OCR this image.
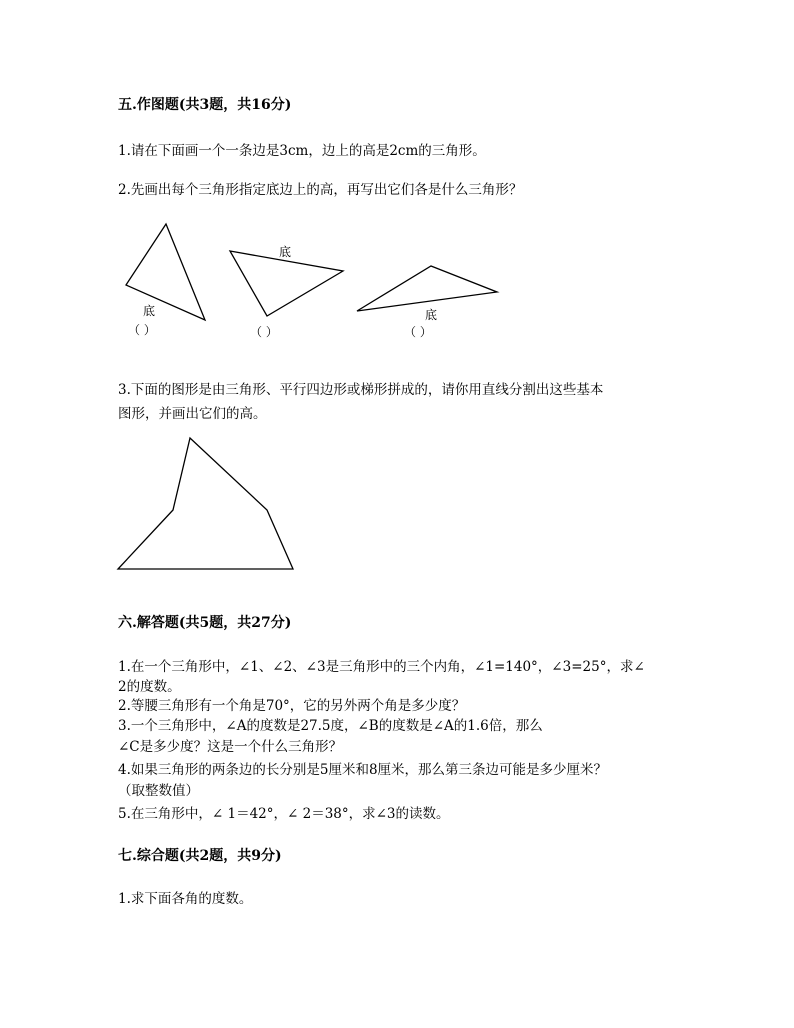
五.作图题(共3题，共16分)
1.请在下面画一个一条边是3cm，边上的高是2cm的三角形。
2.先画出每个三角形指定底边上的高，再写出它们各是什么三角形？
底
（ ）
底
（ ）
底
（ ）
3.下面的图形是由三角形、平行四边形或梯形拼成的，请你用直线分割出这些基本
图形，并画出它们的高。
六.解答题(共5题，共27分)
1.在一个三角形中，∠1、∠2、∠3是三角形中的三个内角，∠1=140°，∠3=25°，求∠
2的度数。
2.等腰三角形有一个角是70°，它的另外两个角是多少度？
3.一个三角形中，∠A的度数是27.5度，∠B的度数是∠A的1.6倍，那么
∠C是多少度？这是一个什么三角形？
4.如果三角形的两条边的长分别是5厘米和8厘米，那么第三条边可能是多少厘米？
（取整数值）
5.在三角形中，∠ 1＝42°，∠ 2＝38°，求∠3的读数。
七.综合题(共2题，共9分)
1.求下面各角的度数。
